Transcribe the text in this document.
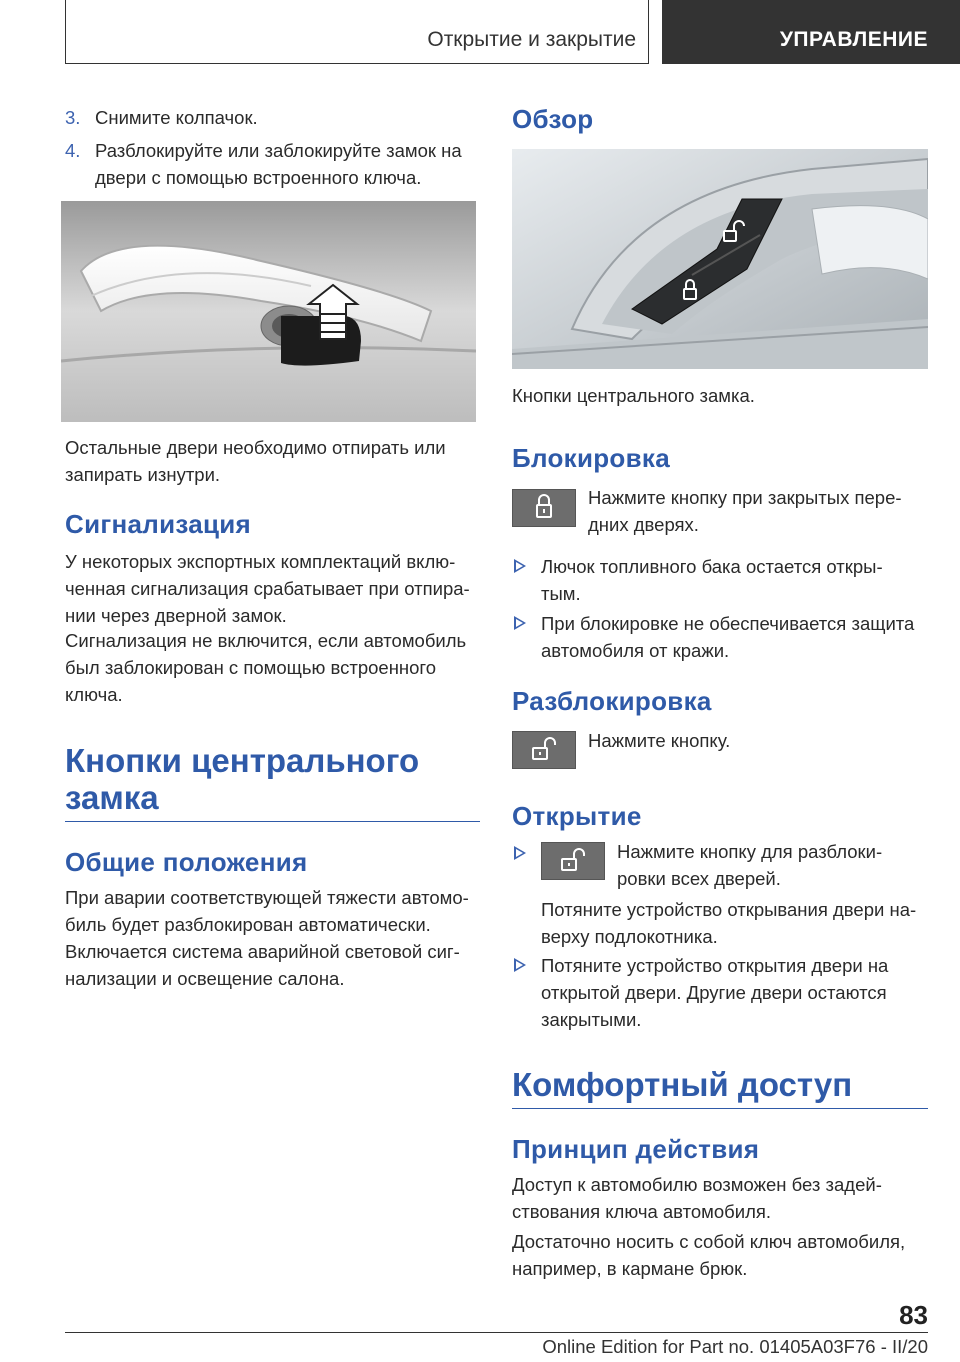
Открытие и закрытие	УПРАВЛЕНИЕ
3. Снимите колпачок.
4. Разблокируйте или заблокируйте замок на
двери с помощью встроенного ключа.
Остальные двери необходимо отпирать или
запирать изнутри.
Сигнализация
У некоторых экспортных комплектаций вклю-
ченная сигнализация срабатывает при отпира-
нии через дверной замок.
Сигнализация не включится, если автомобиль
был заблокирован с помощью встроенного
ключа.
Кнопки центрального
замка
Общие положения
При аварии соответствующей тяжести автомо-
биль будет разблокирован автоматически.
Включается система аварийной световой сиг-
нализации и освещение салона.
Обзор
Кнопки центрального замка.
Блокировка
Нажмите кнопку при закрытых пере-
дних дверях.
Лючок топливного бака остается откры-
тым.
При блокировке не обеспечивается защита
автомобиля от кражи.
Разблокировка
Нажмите кнопку.
Открытие
Нажмите кнопку для разблоки-
ровки всех дверей.
Потяните устройство открывания двери на-
верху подлокотника.
Потяните устройство открытия двери на
открытой двери. Другие двери остаются
закрытыми.
Комфортный доступ
Принцип действия
Доступ к автомобилю возможен без задей-
ствования ключа автомобиля.
Достаточно носить с собой ключ автомобиля,
например, в кармане брюк.
83
Online Edition for Part no. 01405A03F76 - II/20
